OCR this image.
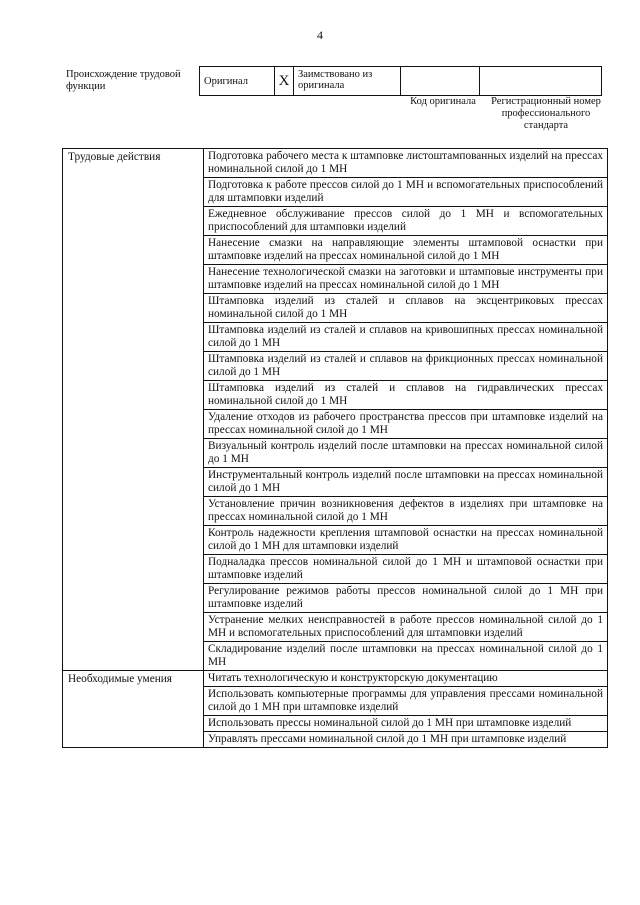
4
Происхождение трудовой функции	Оригинал	X	Заимствовано из оригинала		
Код оригинала	Регистрационный номер профессионального стандарта
Трудовые действия	Подготовка рабочего места к штамповке листоштампованных изделий на прессах номинальной силой до 1 МН
	Подготовка к работе прессов силой до 1 МН и вспомогательных приспособлений для штамповки изделий
	Ежедневное обслуживание прессов силой до 1 МН и вспомогательных приспособлений для штамповки изделий
	Нанесение смазки на направляющие элементы штамповой оснастки при штамповке изделий на прессах номинальной силой до 1 МН
	Нанесение технологической смазки на заготовки и штамповые инструменты при штамповке изделий на прессах номинальной силой до 1 МН
	Штамповка изделий из сталей и сплавов на эксцентриковых прессах номинальной силой до 1 МН
	Штамповка изделий из сталей и сплавов на кривошипных прессах номинальной силой до 1 МН
	Штамповка изделий из сталей и сплавов на фрикционных прессах номинальной силой до 1 МН
	Штамповка изделий из сталей и сплавов на гидравлических прессах номинальной силой до 1 МН
	Удаление отходов из рабочего пространства прессов при штамповке изделий на прессах номинальной силой до 1 МН
	Визуальный контроль изделий после штамповки на прессах номинальной силой до 1 МН
	Инструментальный контроль изделий после штамповки на прессах номинальной силой до 1 МН
	Установление причин возникновения дефектов в изделиях при штамповке на прессах номинальной силой до 1 МН
	Контроль надежности крепления штамповой оснастки на прессах номинальной силой до 1 МН для штамповки изделий
	Подналадка прессов номинальной силой до 1 МН и штамповой оснастки при штамповке изделий
	Регулирование режимов работы прессов номинальной силой до 1 МН при штамповке изделий
	Устранение мелких неисправностей в работе прессов номинальной силой до 1 МН и вспомогательных приспособлений для штамповки изделий
	Складирование изделий после штамповки на прессах номинальной силой до 1 МН
Необходимые умения	Читать технологическую и конструкторскую документацию
	Использовать компьютерные программы для управления прессами номинальной силой до 1 МН при штамповке изделий
	Использовать прессы номинальной силой до 1 МН при штамповке изделий
	Управлять прессами номинальной силой до 1 МН при штамповке изделий
